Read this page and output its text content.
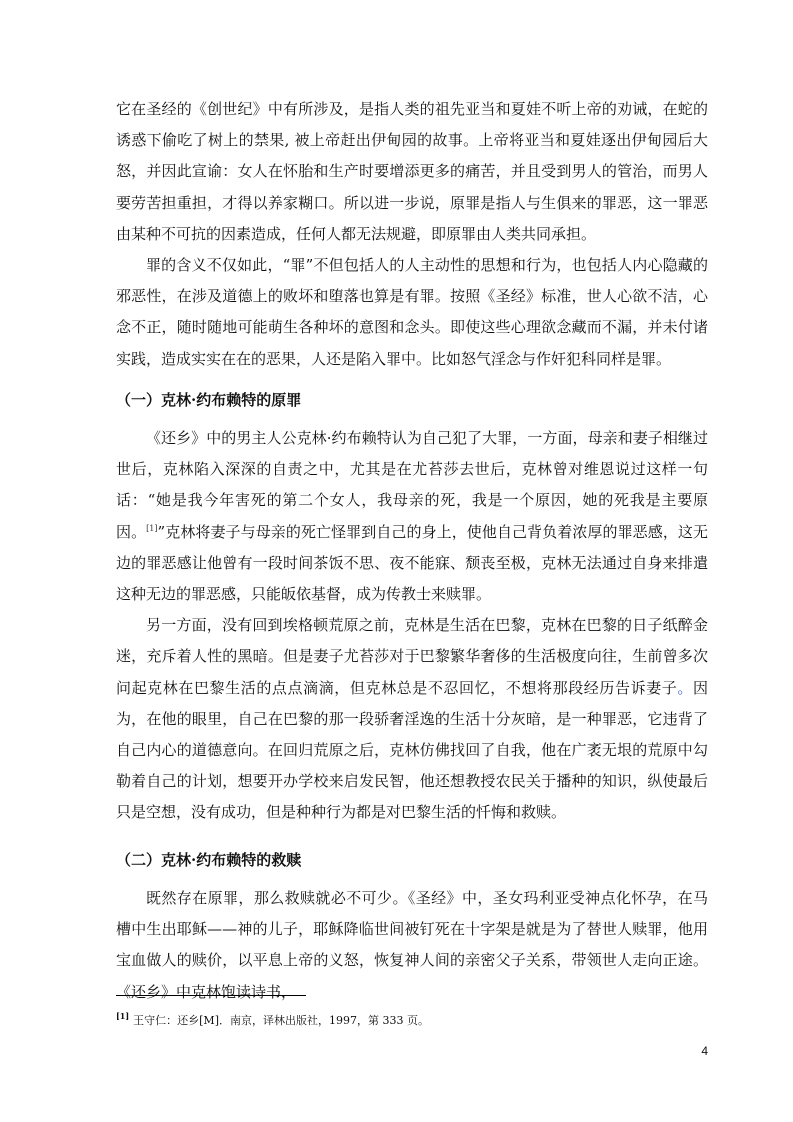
它在圣经的《创世纪》中有所涉及，是指人类的祖先亚当和夏娃不听上帝的劝诫，在蛇的诱惑下偷吃了树上的禁果, 被上帝赶出伊甸园的故事。上帝将亚当和夏娃逐出伊甸园后大怒，并因此宣谕：女人在怀胎和生产时要增添更多的痛苦，并且受到男人的管治，而男人要劳苦担重担，才得以养家糊口。所以进一步说，原罪是指人与生俱来的罪恶，这一罪恶由某种不可抗的因素造成，任何人都无法规避，即原罪由人类共同承担。

罪的含义不仅如此，“罪”不但包括人的人主动性的思想和行为，也包括人内心隐藏的邪恶性，在涉及道德上的败坏和堕落也算是有罪。按照《圣经》标准，世人心欲不洁，心念不正，随时随地可能萌生各种坏的意图和念头。即使这些心理欲念藏而不漏，并未付诸实践，造成实实在在的恶果，人还是陷入罪中。比如怒气淫念与作奸犯科同样是罪。

（一）克林·约布赖特的原罪

《还乡》中的男主人公克林·约布赖特认为自己犯了大罪，一方面，母亲和妻子相继过世后，克林陷入深深的自责之中，尤其是在尤苔莎去世后，克林曾对维恩说过这样一句话：“她是我今年害死的第二个女人，我母亲的死，我是一个原因，她的死我是主要原因。[1]”克林将妻子与母亲的死亡怪罪到自己的身上，使他自己背负着浓厚的罪恶感，这无边的罪恶感让他曾有一段时间茶饭不思、夜不能寐、颓丧至极，克林无法通过自身来排遣这种无边的罪恶感，只能皈依基督，成为传教士来赎罪。

另一方面，没有回到埃格顿荒原之前，克林是生活在巴黎，克林在巴黎的日子纸醉金迷，充斥着人性的黑暗。但是妻子尤苔莎对于巴黎繁华奢侈的生活极度向往，生前曾多次问起克林在巴黎生活的点点滴滴，但克林总是不忍回忆，不想将那段经历告诉妻子。因为，在他的眼里，自己在巴黎的那一段骄奢淫逸的生活十分灰暗，是一种罪恶，它违背了自己内心的道德意向。在回归荒原之后，克林仿佛找回了自我，他在广袤无垠的荒原中勾勒着自己的计划，想要开办学校来启发民智，他还想教授农民关于播种的知识，纵使最后只是空想，没有成功，但是种种行为都是对巴黎生活的忏悔和救赎。

（二）克林·约布赖特的救赎

既然存在原罪，那么救赎就必不可少。《圣经》中，圣女玛利亚受神点化怀孕，在马槽中生出耶稣——神的儿子，耶稣降临世间被钉死在十字架是就是为了替世人赎罪，他用宝血做人的赎价，以平息上帝的义怒，恢复神人间的亲密父子关系，带领世人走向正途。《还乡》中克林饱读诗书，

[1] 王守仁：还乡[M]．南京，译林出版社，1997，第 333 页。
4
